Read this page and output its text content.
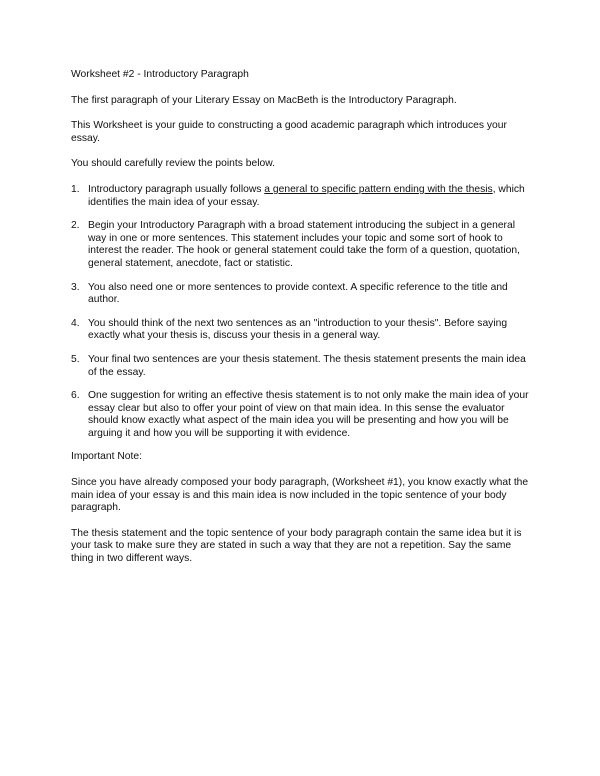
Worksheet #2 - Introductory Paragraph

The first paragraph of your Literary Essay on MacBeth is the Introductory Paragraph.

This Worksheet is your guide to constructing a good academic paragraph which introduces your essay.

You should carefully review the points below.

1. Introductory paragraph usually follows a general to specific pattern ending with the thesis, which identifies the main idea of your essay.
2. Begin your Introductory Paragraph with a broad statement introducing the subject in a general way in one or more sentences. This statement includes your topic and some sort of hook to interest the reader. The hook or general statement could take the form of a question, quotation, general statement, anecdote, fact or statistic.
3. You also need one or more sentences to provide context. A specific reference to the title and author.
4. You should think of the next two sentences as an "introduction to your thesis". Before saying exactly what your thesis is, discuss your thesis in a general way.
5. Your final two sentences are your thesis statement. The thesis statement presents the main idea of the essay.
6. One suggestion for writing an effective thesis statement is to not only make the main idea of your essay clear but also to offer your point of view on that main idea. In this sense the evaluator should know exactly what aspect of the main idea you will be presenting and how you will be arguing it and how you will be supporting it with evidence.

Important Note:

Since you have already composed your body paragraph, (Worksheet #1), you know exactly what the main idea of your essay is and this main idea is now included in the topic sentence of your body paragraph.

The thesis statement and the topic sentence of your body paragraph contain the same idea but it is your task to make sure they are stated in such a way that they are not a repetition. Say the same thing in two different ways.
